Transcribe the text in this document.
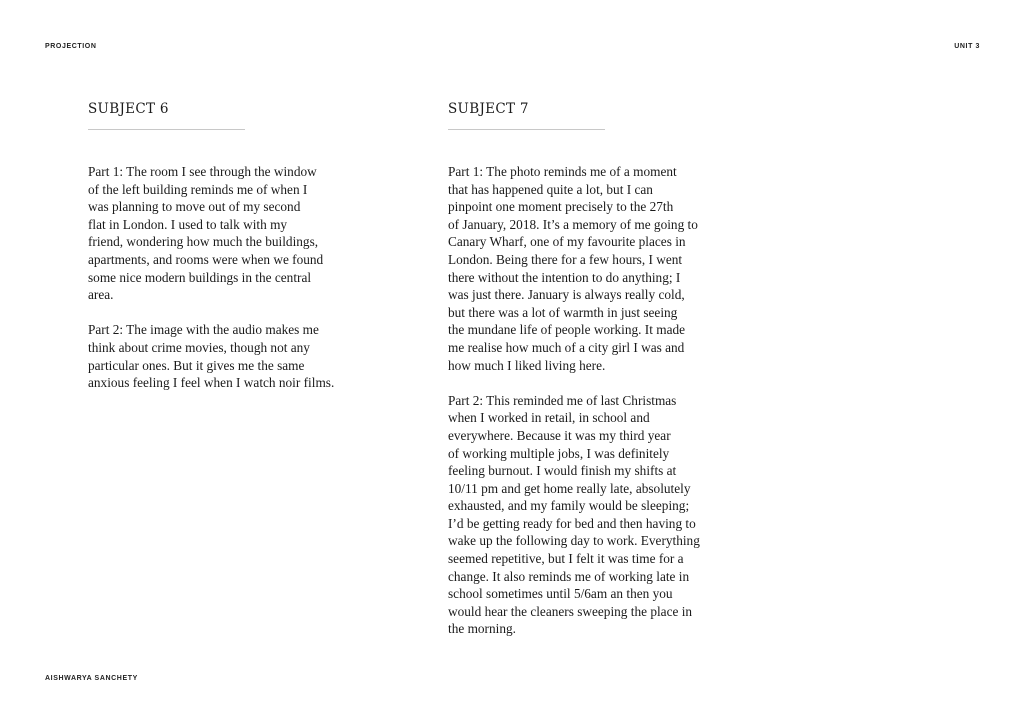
PROJECTION	UNIT 3
SUBJECT 6

Part 1: The room I see through the window
of the left building reminds me of when I
was planning to move out of my second
flat in London. I used to talk with my
friend, wondering how much the buildings,
apartments, and rooms were when we found
some nice modern buildings in the central
area.

Part 2: The image with the audio makes me
think about crime movies, though not any
particular ones. But it gives me the same
anxious feeling I feel when I watch noir films.

SUBJECT 7

Part 1: The photo reminds me of a moment
that has happened quite a lot, but I can
pinpoint one moment precisely to the 27th
of January, 2018. It’s a memory of me going to
Canary Wharf, one of my favourite places in
London. Being there for a few hours, I went
there without the intention to do anything; I
was just there. January is always really cold,
but there was a lot of warmth in just seeing
the mundane life of people working. It made
me realise how much of a city girl I was and
how much I liked living here.

Part 2: This reminded me of last Christmas
when I worked in retail, in school and
everywhere. Because it was my third year
of working multiple jobs, I was definitely
feeling burnout. I would finish my shifts at
10/11 pm and get home really late, absolutely
exhausted, and my family would be sleeping;
I’d be getting ready for bed and then having to
wake up the following day to work. Everything
seemed repetitive, but I felt it was time for a
change. It also reminds me of working late in
school sometimes until 5/6am an then you
would hear the cleaners sweeping the place in
the morning.

AISHWARYA SANCHETY
